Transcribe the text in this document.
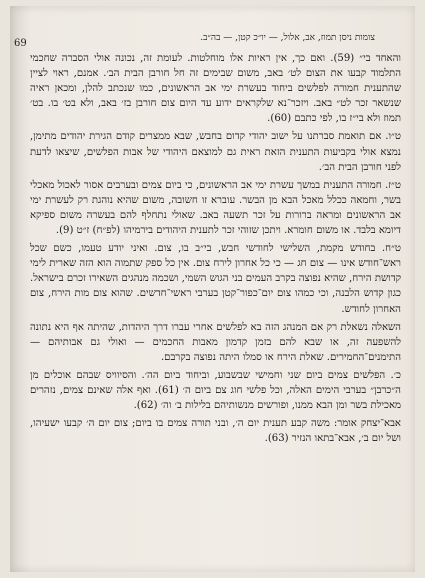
69	צומות ניסן תמוז, אב, אלול, — יו״כ קטן, — בה״ב.

והאחד בי״ (59). ואם כך, אין ראיות אלו מוחלטות. לעומת זה, נכונה אולי הסברה שחכמי התלמוד קבעו את הצום לט׳ באב, משום שבימים זה חל חורבן הבית הב׳. אמנם, ראוי לציין שהתענית חמורה לפלשים ביחוד בעשרת ימי אב הראשונים, כמו שנכתב להלן, ומכאן ראיה שנשאר זכר לט״ באב. ויזכר־נא שלקראים ידוע עד היום צום חורבן בז׳ באב, ולא בט׳ בו. בט׳ תמוז ולא בי״ז בו, לפי כתבם (60).

ט״ו. אם תואמת סברתנו על ישוב יהודי קדום בחבש, שבא ממצרים קודם הגירת יהודים מתימן, נמצא אולי בקביעות התענית הזאת ראית גם למוצאם היהודי של אבות הפלשים, שיצאו לדעת לפני חורבן הבית הב׳.

ט״ז. חמורה התענית במשך עשרת ימי אב הראשונים, כי ביום צמים ובערבים אסור לאכול מאכלי בשר, וחמאה ככלל מאכל הבא מן הבשר. עוברא זו חשובה, משום שהיא נוהגת רק לעשרת ימי אב הראשונים ומראה ברורות על זכר תשעה באב. שאולי נתחלף להם בעשרה משום ספיקא דיומא בלבד. או משום חומרא. ויתכן שזוהי זכר לתענית היהודים בירמיהו (לפ״ח) ז״ט (9).

ט״ח. בחודש מקמת, השלישי לחודשי חבש, בי״ב בו, צום. ואיני יודע טעמו, כשם שכל ראש־חודש אינו — צום חג — כי כל אחרון לירח צום. אין כל ספק שתמוה הוא הזה שארית לימי קדושת הירח, שהיא נפוצה בקרב העמים בני הגוש השמי, ושכמה מנהגים השאירו זכרם בישראל. כגון קדוש הלבנה, וכי כמהו צום יום־כפור־קטן בערבי ראשי־חדשים. שהוא צום מות הירח, צום האחרון לחודש.

השאלה נשאלת רק אם המנהג הזה בא לפלשים אחרי עברו דרך היהדות, שהיתה אף היא נתונה להשפעה זה, או שבא להם בזמן קדמון מאבות החכמים — ואולי גם אבותיהם — התימנים־החמירים. שאלת הירח או סמלו היתה נפוצה בקרבם.

כ׳. הפלשים צמים ביום שני וחמישי שבשבוע, וביחוד ביום הה׳. והסיוויס שבהם אוכלים מן ה״כרבן״ בערבי הימים האלה, וכל פלשי חוג צם ביום ה׳ (61). ואף אלה שאינם צמים, נזהרים מאכילת בשר ומן הבא ממנו, ופורשים מנשותיהם בלילות ב׳ וה׳ (62).

אבא־יצחק אומר: משה קבע תענית יום ה׳, ובני תורה צמים בו ביום; צום יום ה׳ קבעו ישעיהו, ושל יום ב׳, אבא־בתאו הנזיר (63).
